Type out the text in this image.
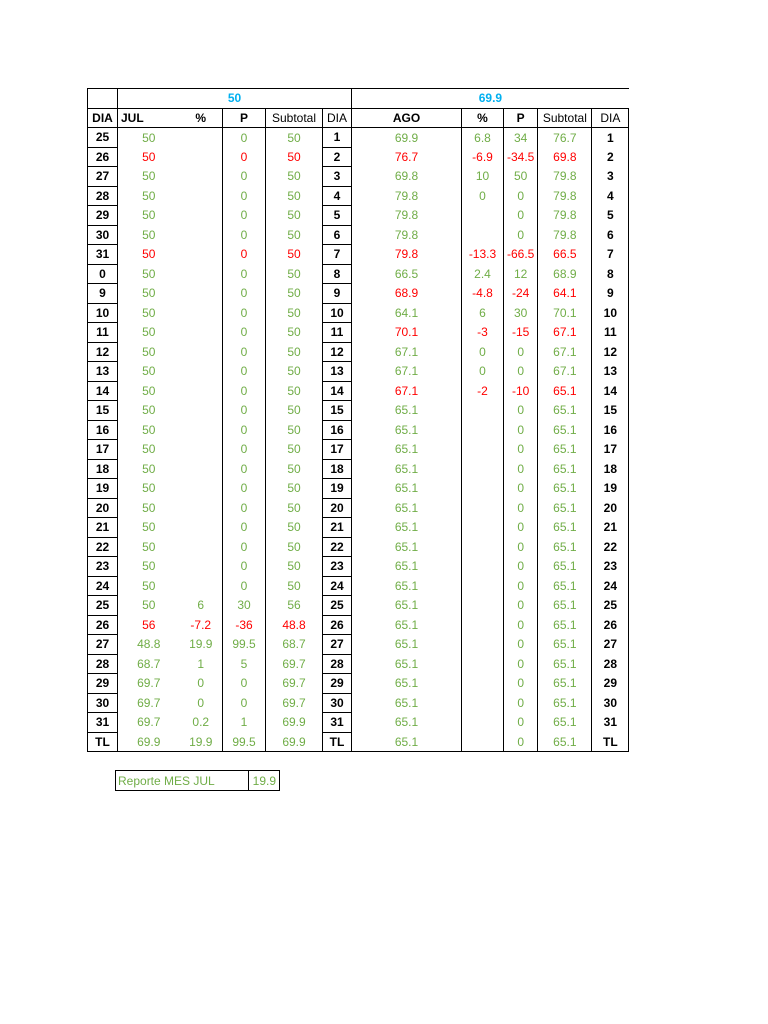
	50					69.9				
DIA	JUL	%	P	Subtotal	DIA	AGO	%	P	Subtotal	DIA
25	50		0	50	1	69.9	6.8	34	76.7	1
26	50		0	50	2	76.7	-6.9	-34.5	69.8	2
27	50		0	50	3	69.8	10	50	79.8	3
28	50		0	50	4	79.8	0	0	79.8	4
29	50		0	50	5	79.8		0	79.8	5
30	50		0	50	6	79.8		0	79.8	6
31	50		0	50	7	79.8	-13.3	-66.5	66.5	7
0	50		0	50	8	66.5	2.4	12	68.9	8
9	50		0	50	9	68.9	-4.8	-24	64.1	9
10	50		0	50	10	64.1	6	30	70.1	10
11	50		0	50	11	70.1	-3	-15	67.1	11
12	50		0	50	12	67.1	0	0	67.1	12
13	50		0	50	13	67.1	0	0	67.1	13
14	50		0	50	14	67.1	-2	-10	65.1	14
15	50		0	50	15	65.1		0	65.1	15
16	50		0	50	16	65.1		0	65.1	16
17	50		0	50	17	65.1		0	65.1	17
18	50		0	50	18	65.1		0	65.1	18
19	50		0	50	19	65.1		0	65.1	19
20	50		0	50	20	65.1		0	65.1	20
21	50		0	50	21	65.1		0	65.1	21
22	50		0	50	22	65.1		0	65.1	22
23	50		0	50	23	65.1		0	65.1	23
24	50		0	50	24	65.1		0	65.1	24
25	50	6	30	56	25	65.1		0	65.1	25
26	56	-7.2	-36	48.8	26	65.1		0	65.1	26
27	48.8	19.9	99.5	68.7	27	65.1		0	65.1	27
28	68.7	1	5	69.7	28	65.1		0	65.1	28
29	69.7	0	0	69.7	29	65.1		0	65.1	29
30	69.7	0	0	69.7	30	65.1		0	65.1	30
31	69.7	0.2	1	69.9	31	65.1		0	65.1	31
TL	69.9	19.9	99.5	69.9	TL	65.1		0	65.1	TL
Reporte MES JUL	19.9
